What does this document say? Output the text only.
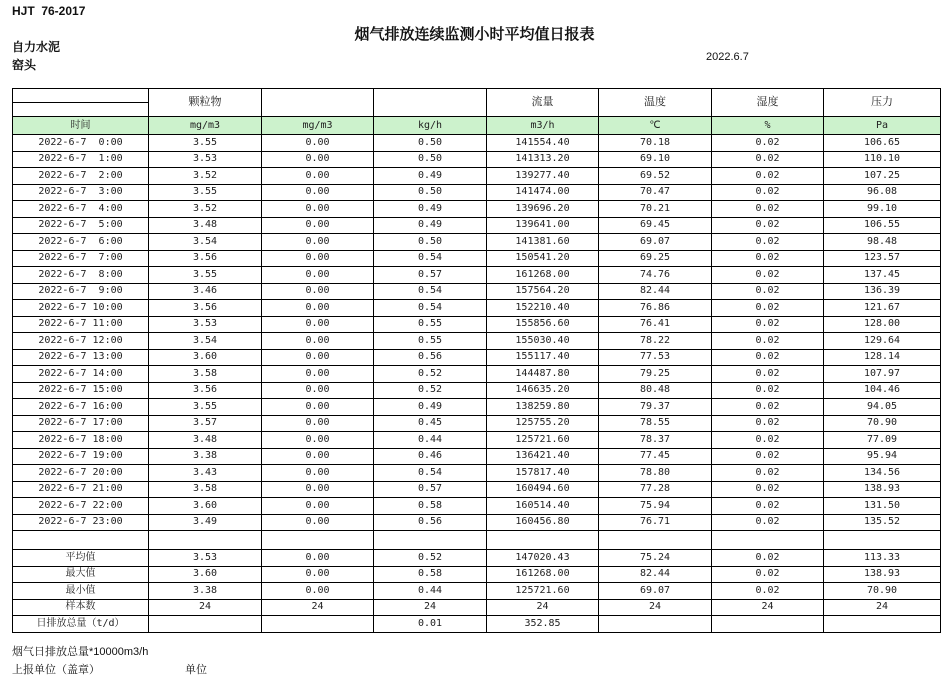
HJT  76-2017
烟气排放连续监测小时平均值日报表
自力水泥
窑头
2022.6.7
	颗粒物			流量	温度	湿度	压力

时间	mg/m3	mg/m3	kg/h	m3/h	℃	%	Pa
2022-6-7  0:00	3.55	0.00	0.50	141554.40	70.18	0.02	106.65
2022-6-7  1:00	3.53	0.00	0.50	141313.20	69.10	0.02	110.10
2022-6-7  2:00	3.52	0.00	0.49	139277.40	69.52	0.02	107.25
2022-6-7  3:00	3.55	0.00	0.50	141474.00	70.47	0.02	96.08
2022-6-7  4:00	3.52	0.00	0.49	139696.20	70.21	0.02	99.10
2022-6-7  5:00	3.48	0.00	0.49	139641.00	69.45	0.02	106.55
2022-6-7  6:00	3.54	0.00	0.50	141381.60	69.07	0.02	98.48
2022-6-7  7:00	3.56	0.00	0.54	150541.20	69.25	0.02	123.57
2022-6-7  8:00	3.55	0.00	0.57	161268.00	74.76	0.02	137.45
2022-6-7  9:00	3.46	0.00	0.54	157564.20	82.44	0.02	136.39
2022-6-7 10:00	3.56	0.00	0.54	152210.40	76.86	0.02	121.67
2022-6-7 11:00	3.53	0.00	0.55	155856.60	76.41	0.02	128.00
2022-6-7 12:00	3.54	0.00	0.55	155030.40	78.22	0.02	129.64
2022-6-7 13:00	3.60	0.00	0.56	155117.40	77.53	0.02	128.14
2022-6-7 14:00	3.58	0.00	0.52	144487.80	79.25	0.02	107.97
2022-6-7 15:00	3.56	0.00	0.52	146635.20	80.48	0.02	104.46
2022-6-7 16:00	3.55	0.00	0.49	138259.80	79.37	0.02	94.05
2022-6-7 17:00	3.57	0.00	0.45	125755.20	78.55	0.02	70.90
2022-6-7 18:00	3.48	0.00	0.44	125721.60	78.37	0.02	77.09
2022-6-7 19:00	3.38	0.00	0.46	136421.40	77.45	0.02	95.94
2022-6-7 20:00	3.43	0.00	0.54	157817.40	78.80	0.02	134.56
2022-6-7 21:00	3.58	0.00	0.57	160494.60	77.28	0.02	138.93
2022-6-7 22:00	3.60	0.00	0.58	160514.40	75.94	0.02	131.50
2022-6-7 23:00	3.49	0.00	0.56	160456.80	76.71	0.02	135.52

平均值	3.53	0.00	0.52	147020.43	75.24	0.02	113.33
最大值	3.60	0.00	0.58	161268.00	82.44	0.02	138.93
最小值	3.38	0.00	0.44	125721.60	69.07	0.02	70.90
样本数	24	24	24	24	24	24	24
日排放总量（t/d）			0.01	352.85			
烟气日排放总量*10000m3/h
上报单位（盖章）	单位
